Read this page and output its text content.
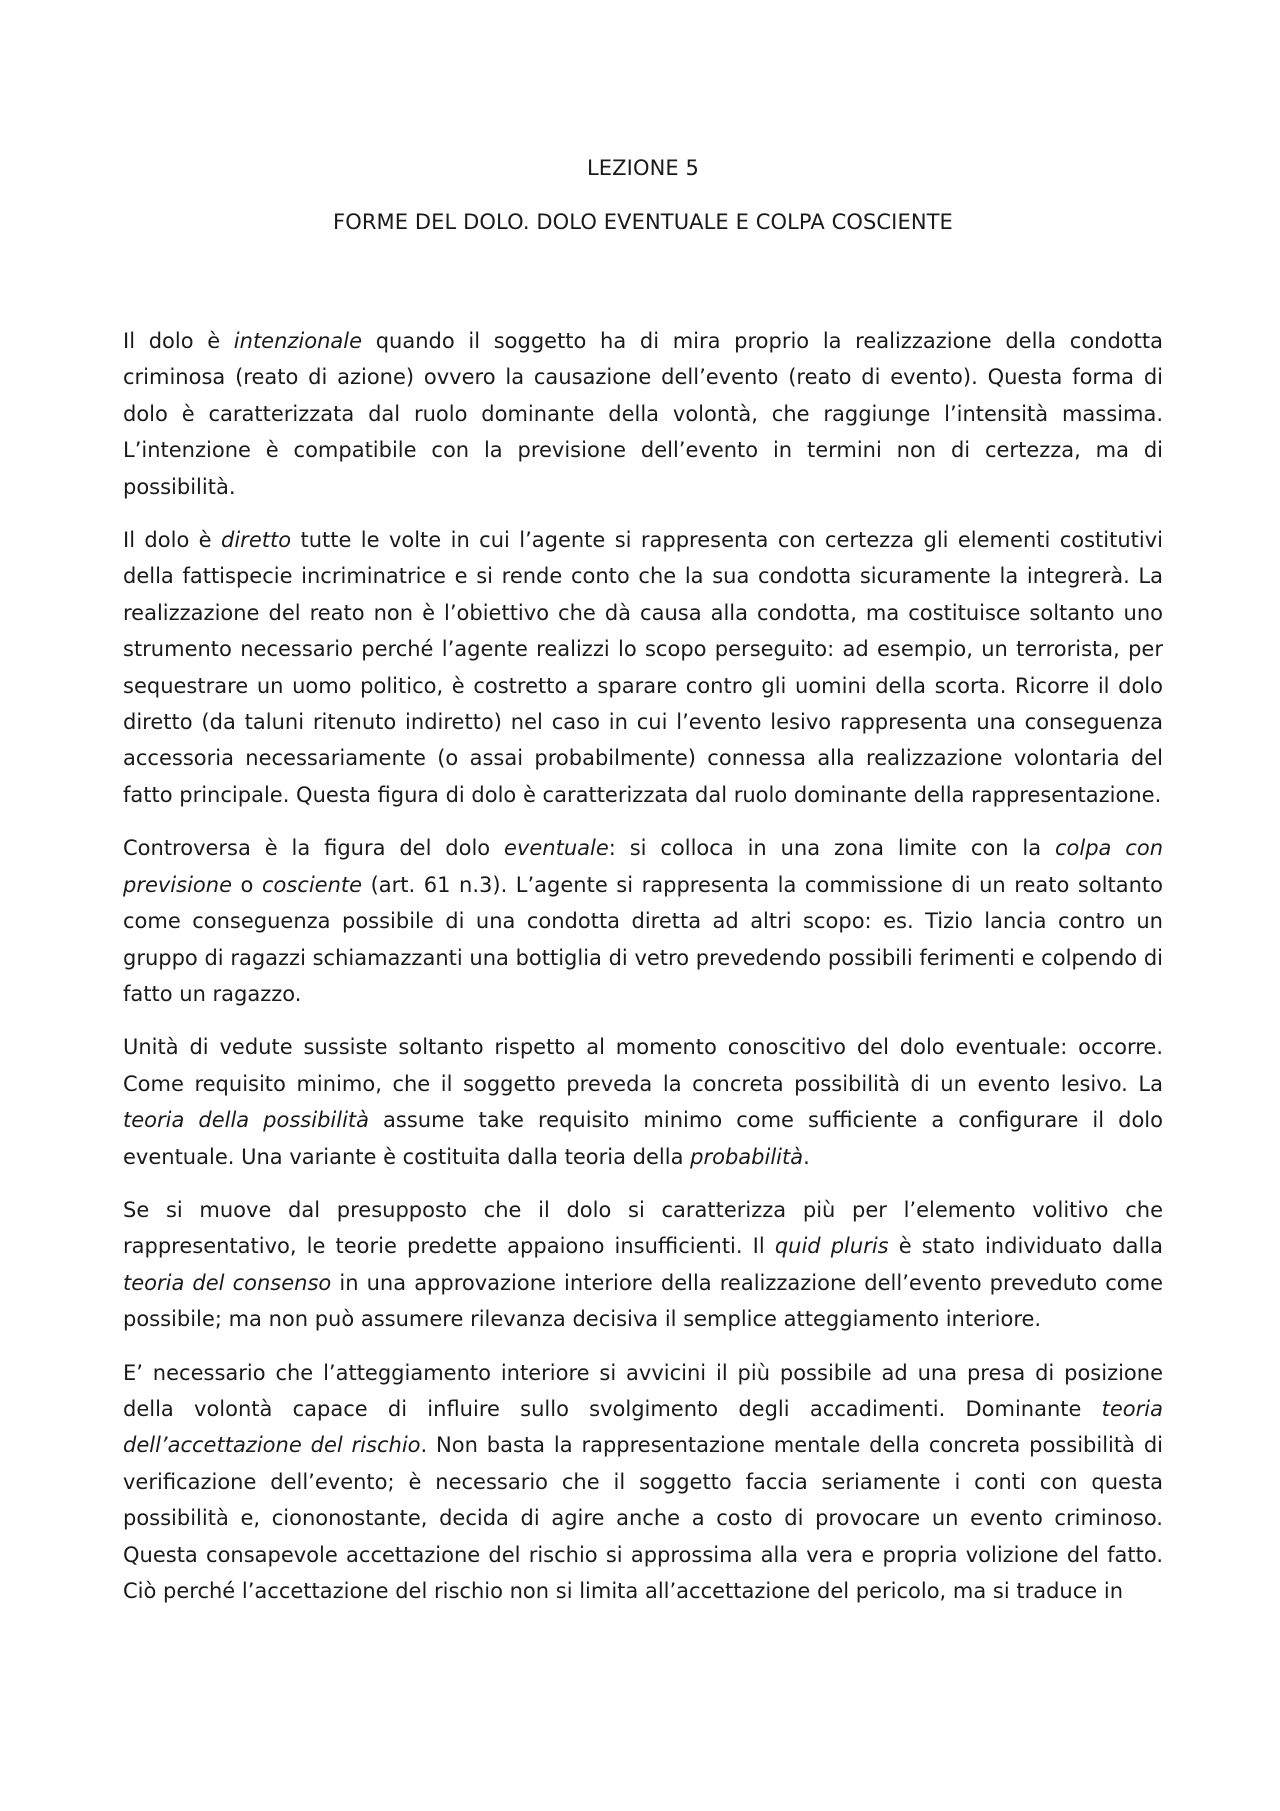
LEZIONE 5

FORME DEL DOLO. DOLO EVENTUALE E COLPA COSCIENTE

Il dolo è intenzionale quando il soggetto ha di mira proprio la realizzazione della condotta criminosa (reato di azione) ovvero la causazione dell’evento (reato di evento). Questa forma di dolo è caratterizzata dal ruolo dominante della volontà, che raggiunge l’intensità massima. L’intenzione è compatibile con la previsione dell’evento in termini non di certezza, ma di possibilità.

Il dolo è diretto tutte le volte in cui l’agente si rappresenta con certezza gli elementi costitutivi della fattispecie incriminatrice e si rende conto che la sua condotta sicuramente la integrerà. La realizzazione del reato non è l’obiettivo che dà causa alla condotta, ma costituisce soltanto uno strumento necessario perché l’agente realizzi lo scopo perseguito: ad esempio, un terrorista, per sequestrare un uomo politico, è costretto a sparare contro gli uomini della scorta. Ricorre il dolo diretto (da taluni ritenuto indiretto) nel caso in cui l’evento lesivo rappresenta una conseguenza accessoria necessariamente (o assai probabilmente) connessa alla realizzazione volontaria del fatto principale. Questa figura di dolo è caratterizzata dal ruolo dominante della rappresentazione.

Controversa è la figura del dolo eventuale: si colloca in una zona limite con la colpa con previsione o cosciente (art. 61 n.3). L’agente si rappresenta la commissione di un reato soltanto come conseguenza possibile di una condotta diretta ad altri scopo: es. Tizio lancia contro un gruppo di ragazzi schiamazzanti una bottiglia di vetro prevedendo possibili ferimenti e colpendo di fatto un ragazzo.

Unità di vedute sussiste soltanto rispetto al momento conoscitivo del dolo eventuale: occorre. Come requisito minimo, che il soggetto preveda la concreta possibilità di un evento lesivo. La teoria della possibilità assume take requisito minimo come sufficiente a configurare il dolo eventuale. Una variante è costituita dalla teoria della probabilità.

Se si muove dal presupposto che il dolo si caratterizza più per l’elemento volitivo che rappresentativo, le teorie predette appaiono insufficienti. Il quid pluris è stato individuato dalla teoria del consenso in una approvazione interiore della realizzazione dell’evento preveduto come possibile; ma non può assumere rilevanza decisiva il semplice atteggiamento interiore.

E’ necessario che l’atteggiamento interiore si avvicini il più possibile ad una presa di posizione della volontà capace di influire sullo svolgimento degli accadimenti. Dominante teoria dell’accettazione del rischio. Non basta la rappresentazione mentale della concreta possibilità di verificazione dell’evento; è necessario che il soggetto faccia seriamente i conti con questa possibilità e, ciononostante, decida di agire anche a costo di provocare un evento criminoso. Questa consapevole accettazione del rischio si approssima alla vera e propria volizione del fatto. Ciò perché l’accettazione del rischio non si limita all’accettazione del pericolo, ma si traduce in
